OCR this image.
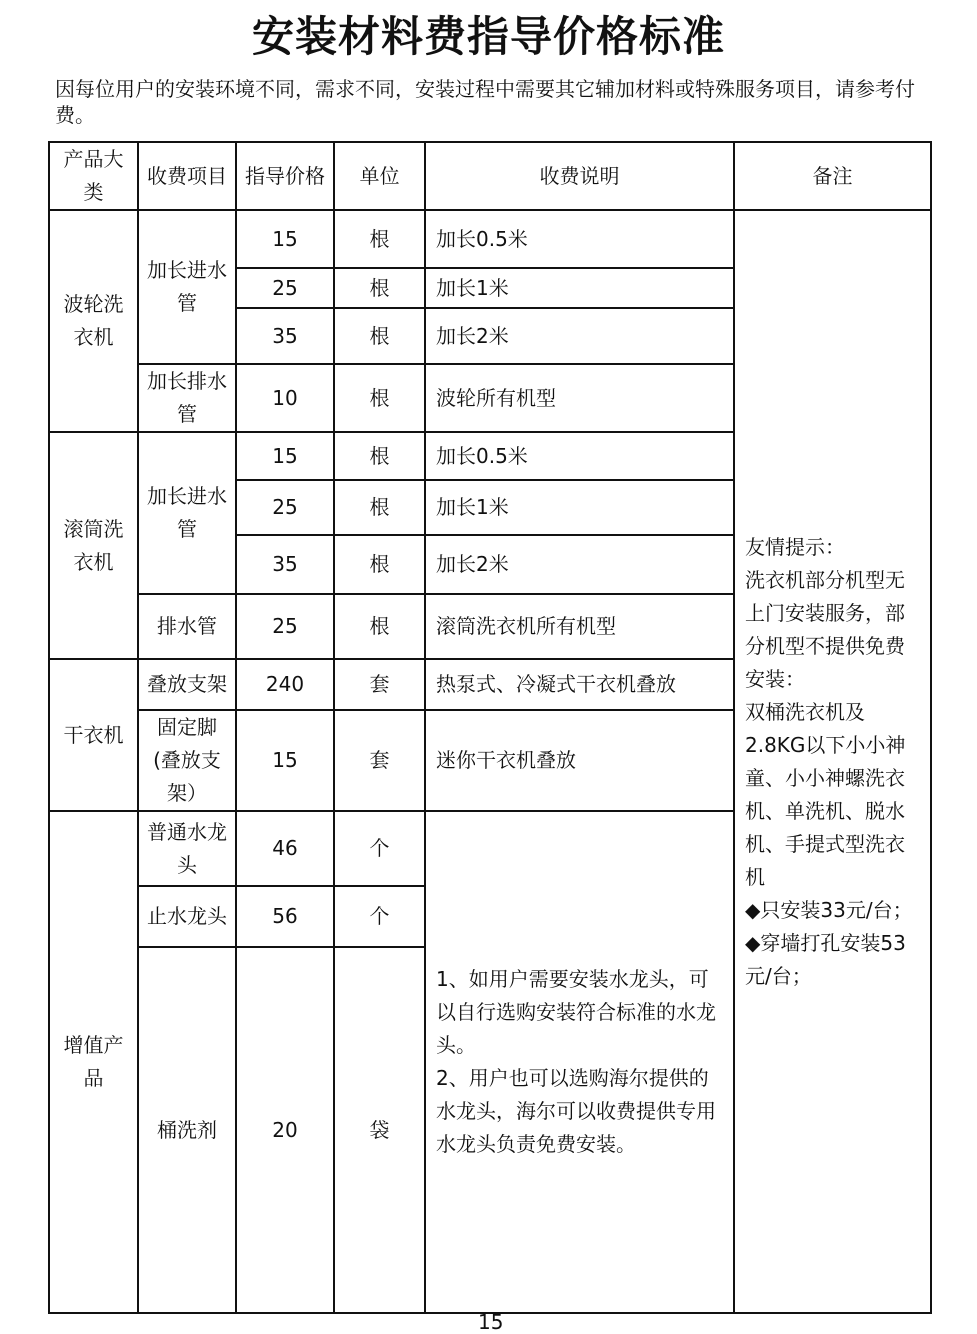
安装材料费指导价格标准
因每位用户的安装环境不同，需求不同，安装过程中需要其它辅加材料或特殊服务项目，请参考付费。
产品大类	收费项目	指导价格	单位	收费说明	备注
波轮洗衣机	加长进水管	15	根	加长0.5米	友情提示：
洗衣机部分机型无上门安装服务，部分机型不提供免费安装：
双桶洗衣机及2.8KG以下小小神童、小小神螺洗衣机、单洗机、脱水机、手提式型洗衣机
◆只安装33元/台；
◆穿墙打孔安装53元/台；

		25	根	加长1米	
		35	根	加长2米	
	加长排水管	10	根	波轮所有机型	
滚筒洗衣机	加长进水管	15	根	加长0.5米	
		25	根	加长1米	
		35	根	加长2米	
	排水管	25	根	滚筒洗衣机所有机型	
干衣机	叠放支架	240	套	热泵式、冷凝式干衣机叠放	
	固定脚(叠放支架）	15	套	迷你干衣机叠放	
增值产品	普通水龙头	46	个	1、如用户需要安装水龙头，可以自行选购安装符合标准的水龙头。
2、用户也可以选购海尔提供的水龙头，海尔可以收费提供专用水龙头负责免费安装。	

	止水龙头	56	个		
	桶洗剂	20	袋		
15
